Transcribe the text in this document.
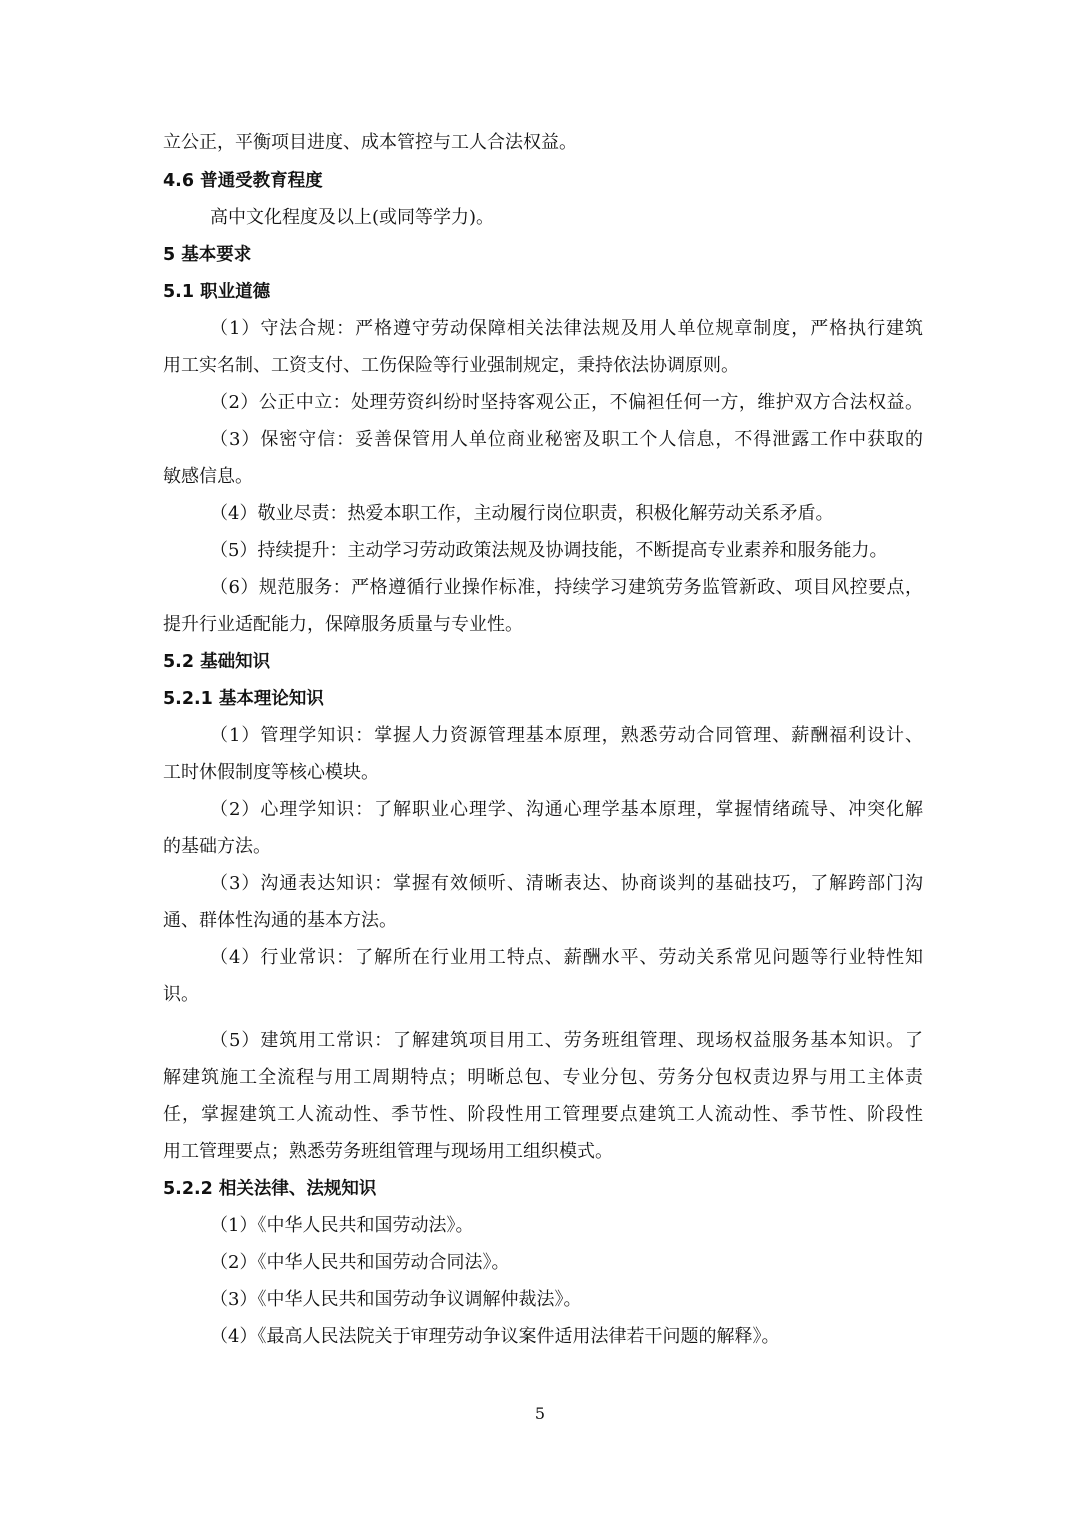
立公正，平衡项目进度、成本管控与工人合法权益。
4.6 普通受教育程度
高中文化程度及以上(或同等学力)。
5 基本要求
5.1 职业道德
（1）守法合规：严格遵守劳动保障相关法律法规及用人单位规章制度，严格执行建筑
用工实名制、工资支付、工伤保险等行业强制规定，秉持依法协调原则。
（2）公正中立：处理劳资纠纷时坚持客观公正，不偏袒任何一方，维护双方合法权益。
（3）保密守信：妥善保管用人单位商业秘密及职工个人信息，不得泄露工作中获取的
敏感信息。
（4）敬业尽责：热爱本职工作，主动履行岗位职责，积极化解劳动关系矛盾。
（5）持续提升：主动学习劳动政策法规及协调技能，不断提高专业素养和服务能力。
（6）规范服务：严格遵循行业操作标准，持续学习建筑劳务监管新政、项目风控要点，
提升行业适配能力，保障服务质量与专业性。
5.2 基础知识
5.2.1 基本理论知识
（1）管理学知识：掌握人力资源管理基本原理，熟悉劳动合同管理、薪酬福利设计、
工时休假制度等核心模块。
（2）心理学知识：了解职业心理学、沟通心理学基本原理，掌握情绪疏导、冲突化解
的基础方法。
（3）沟通表达知识：掌握有效倾听、清晰表达、协商谈判的基础技巧，了解跨部门沟
通、群体性沟通的基本方法。
（4）行业常识：了解所在行业用工特点、薪酬水平、劳动关系常见问题等行业特性知
识。
（5）建筑用工常识：了解建筑项目用工、劳务班组管理、现场权益服务基本知识。了
解建筑施工全流程与用工周期特点；明晰总包、专业分包、劳务分包权责边界与用工主体责
任，掌握建筑工人流动性、季节性、阶段性用工管理要点建筑工人流动性、季节性、阶段性
用工管理要点；熟悉劳务班组管理与现场用工组织模式。
5.2.2 相关法律、法规知识
（1）《中华人民共和国劳动法》。
（2）《中华人民共和国劳动合同法》。
（3）《中华人民共和国劳动争议调解仲裁法》。
（4）《最高人民法院关于审理劳动争议案件适用法律若干问题的解释》。
5
